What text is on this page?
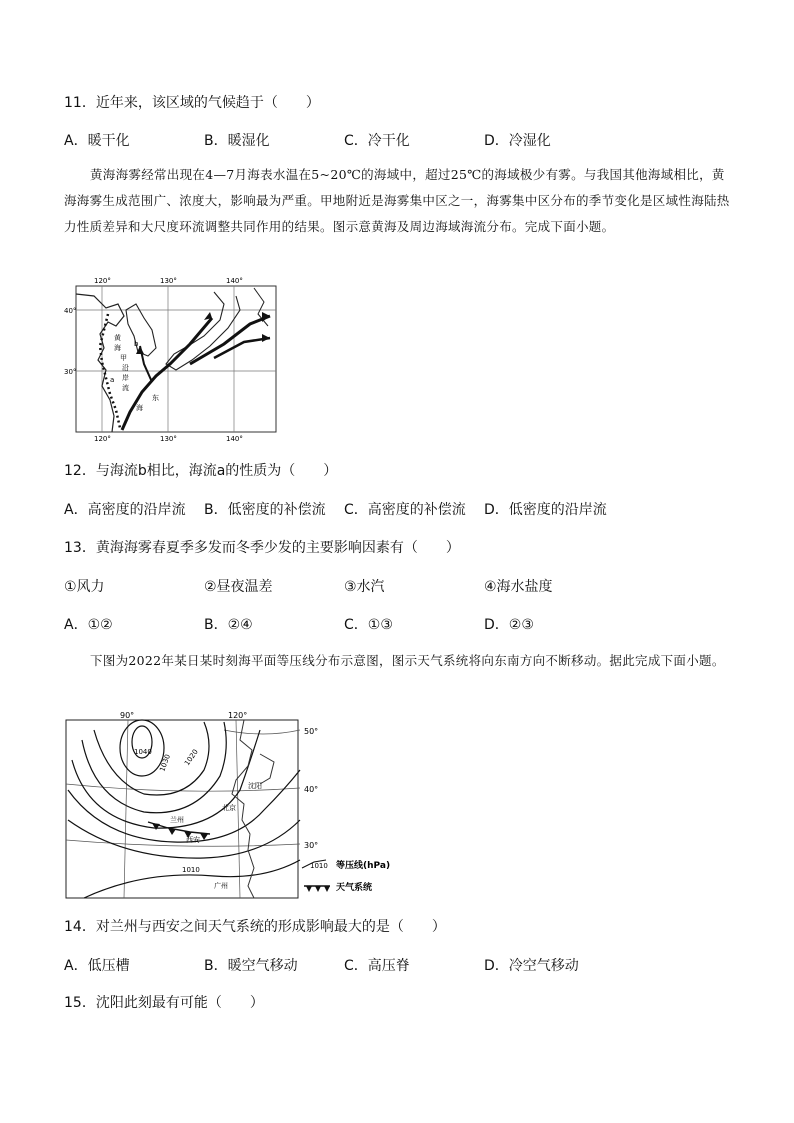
11．近年来，该区域的气候趋于（　　）
A．暖干化	B．暖湿化	C．冷干化	D．冷湿化
黄海海雾经常出现在4—7月海表水温在5~20℃的海域中，超过25℃的海域极少有雾。与我国其他海域相比，黄海海雾生成范围广、浓度大，影响最为严重。甲地附近是海雾集中区之一，海雾集中区分布的季节变化是区域性海陆热力性质差异和大尺度环流调整共同作用的结果。图示意黄海及周边海域海流分布。完成下面小题。
120°	130°	140°
120°	130°	140°
40°
30°
黄
海
甲
a
b
沿
岸
流
东
海
12．与海流b相比，海流a的性质为（　　）
A．高密度的沿岸流 B．低密度的补偿流 C．高密度的补偿流 D．低密度的沿岸流
13．黄海海雾春夏季多发而冬季少发的主要影响因素有（　　）
①风力	②昼夜温差	③水汽	④海水盐度
A．①②	B．②④	C．①③	D．②③
下图为2022年某日某时刻海平面等压线分布示意图，图示天气系统将向东南方向不断移动。据此完成下面小题。
90°	120°
50°
40°
30°
1040
1030 1020
1010
沈阳
北京
兰州
西安
广州
1010 等压线(hPa)
天气系统
14．对兰州与西安之间天气系统的形成影响最大的是（　　）
A．低压槽	B．暖空气移动	C．高压脊	D．冷空气移动
15．沈阳此刻最有可能（　　）
